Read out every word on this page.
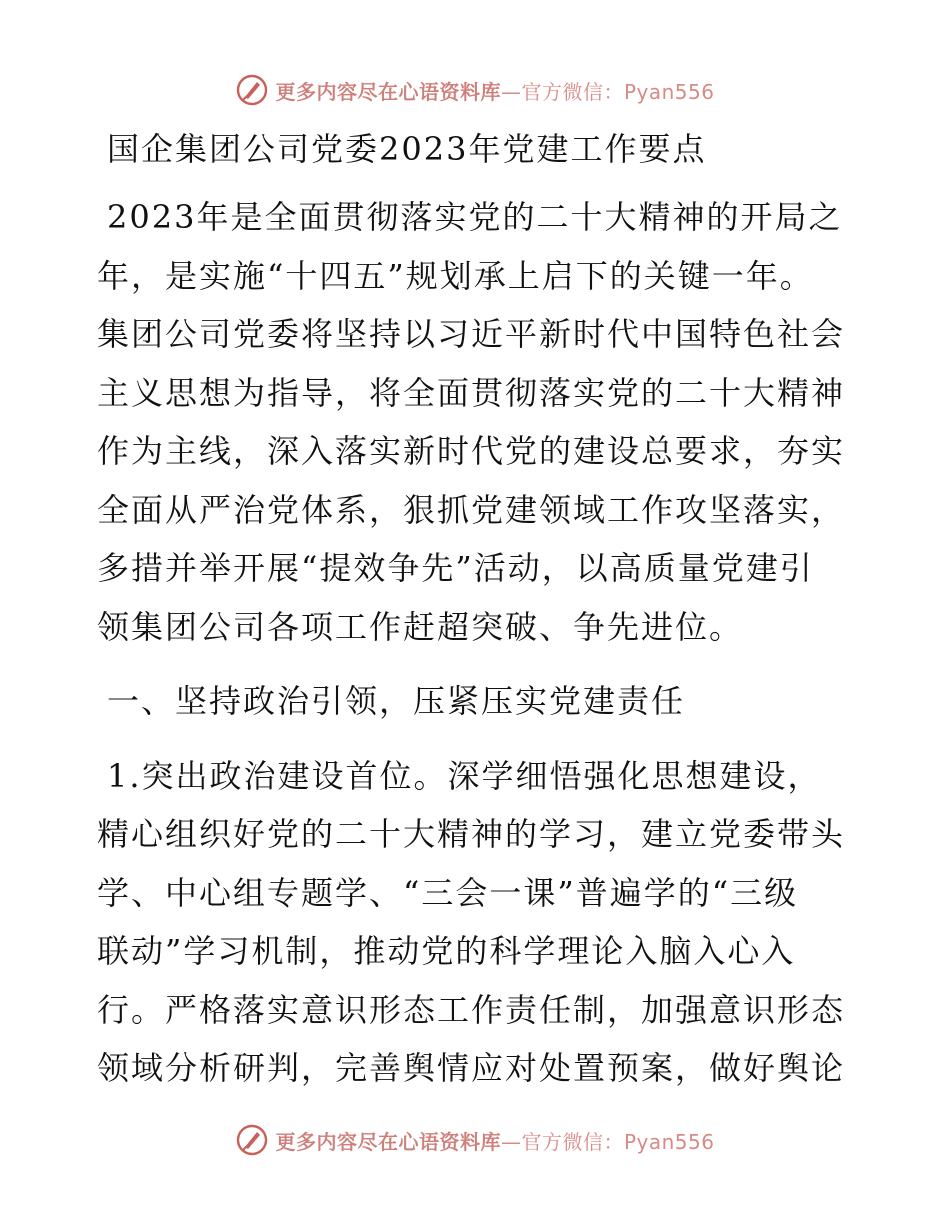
更多内容尽在心语资料库—官方微信：Pyan556
国企集团公司党委2023年党建工作要点
2023年是全面贯彻落实党的二十大精神的开局之
年，是实施“十四五”规划承上启下的关键一年。
集团公司党委将坚持以习近平新时代中国特色社会
主义思想为指导，将全面贯彻落实党的二十大精神
作为主线，深入落实新时代党的建设总要求，夯实
全面从严治党体系，狠抓党建领域工作攻坚落实，
多措并举开展“提效争先”活动，以高质量党建引
领集团公司各项工作赶超突破、争先进位。
一、坚持政治引领，压紧压实党建责任
1.突出政治建设首位。深学细悟强化思想建设，
精心组织好党的二十大精神的学习，建立党委带头
学、中心组专题学、“三会一课”普遍学的“三级
联动”学习机制，推动党的科学理论入脑入心入
行。严格落实意识形态工作责任制，加强意识形态
领域分析研判，完善舆情应对处置预案，做好舆论
更多内容尽在心语资料库—官方微信：Pyan556
